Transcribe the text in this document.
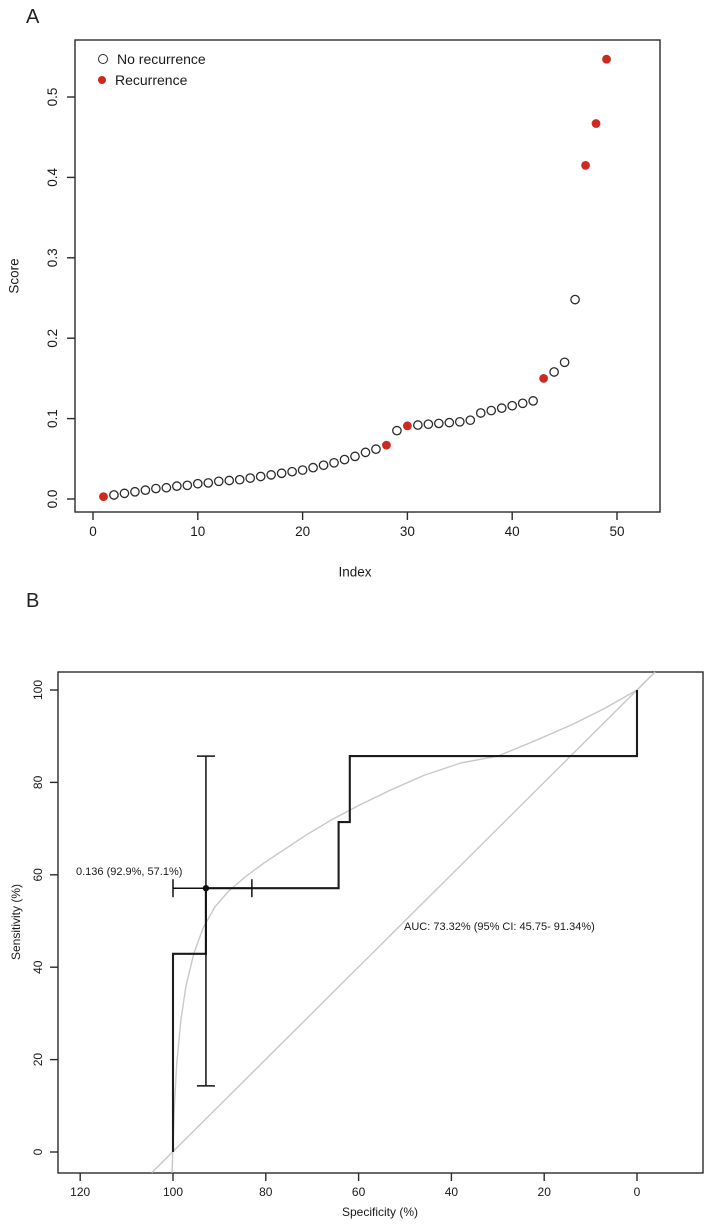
0	10	20	30	40	50
0.0
0.1
0.2
0.3
0.4
0.5
120	100	80	60	40	20	0
0
20
40
60
80
100
A
No recurrence
Recurrence
Score
Index
B
Sensitivity (%)
Specificity (%)
0.136 (92.9%, 57.1%)
AUC: 73.32% (95% CI: 45.75- 91.34%)
